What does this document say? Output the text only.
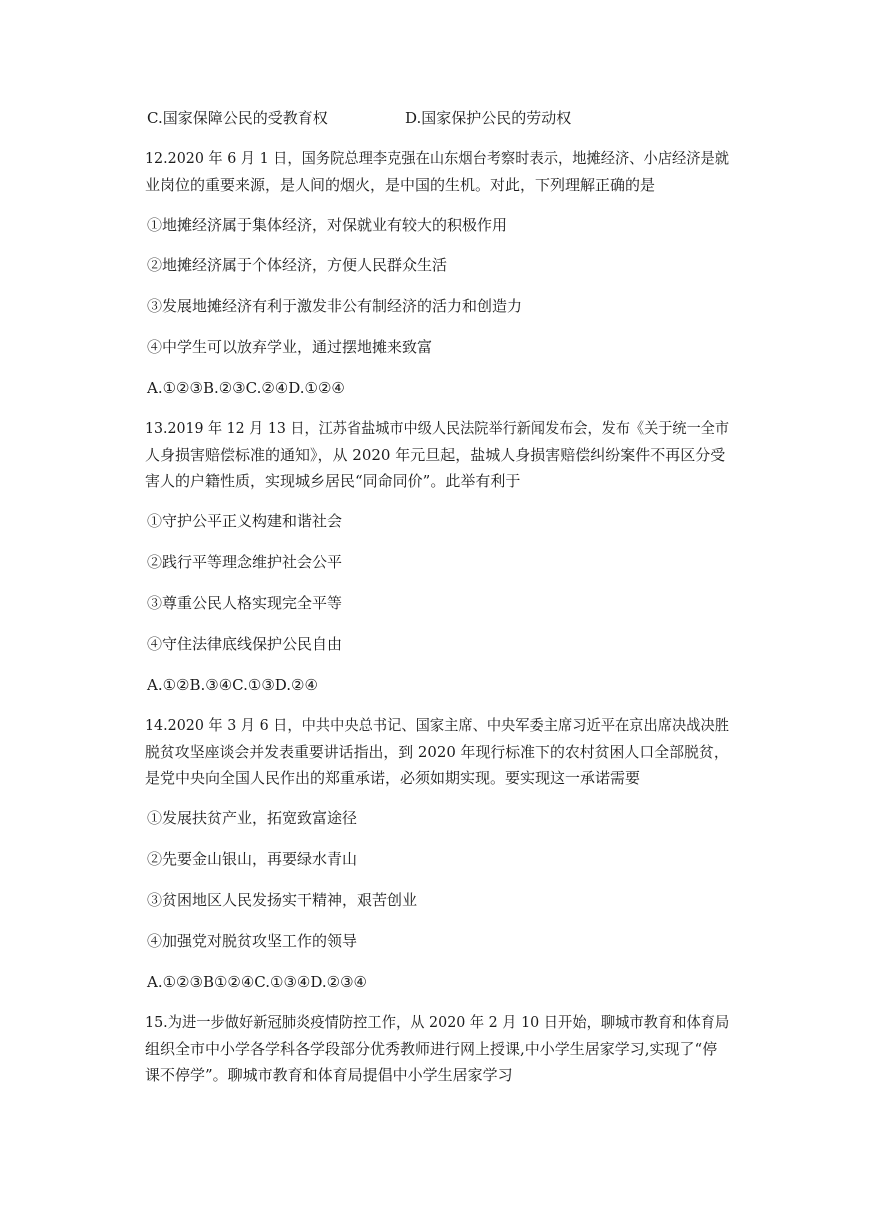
C.国家保障公民的受教育权	D.国家保护公民的劳动权
12.2020 年 6 月 1 日，国务院总理李克强在山东烟台考察时表示，地摊经济、小店经济是就
业岗位的重要来源，是人间的烟火，是中国的生机。对此，下列理解正确的是
①地摊经济属于集体经济，对保就业有较大的积极作用
②地摊经济属于个体经济，方便人民群众生活
③发展地摊经济有利于激发非公有制经济的活力和创造力
④中学生可以放弃学业，通过摆地摊来致富
A.①②③B.②③C.②④D.①②④
13.2019 年 12 月 13 日，江苏省盐城市中级人民法院举行新闻发布会，发布《关于统一全市
人身损害赔偿标准的通知》，从 2020 年元旦起，盐城人身损害赔偿纠纷案件不再区分受
害人的户籍性质，实现城乡居民“同命同价”。此举有利于
①守护公平正义构建和谐社会
②践行平等理念维护社会公平
③尊重公民人格实现完全平等
④守住法律底线保护公民自由
A.①②B.③④C.①③D.②④
14.2020 年 3 月 6 日，中共中央总书记、国家主席、中央军委主席习近平在京出席决战决胜
脱贫攻坚座谈会并发表重要讲话指出，到 2020 年现行标准下的农村贫困人口全部脱贫，
是党中央向全国人民作出的郑重承诺，必须如期实现。要实现这一承诺需要
①发展扶贫产业，拓宽致富途径
②先要金山银山，再要绿水青山
③贫困地区人民发扬实干精神，艰苦创业
④加强党对脱贫攻坚工作的领导
A.①②③B①②④C.①③④D.②③④
15.为进一步做好新冠肺炎疫情防控工作，从 2020 年 2 月 10 日开始，聊城市教育和体育局
组织全市中小学各学科各学段部分优秀教师进行网上授课,中小学生居家学习,实现了“停
课不停学”。聊城市教育和体育局提倡中小学生居家学习
